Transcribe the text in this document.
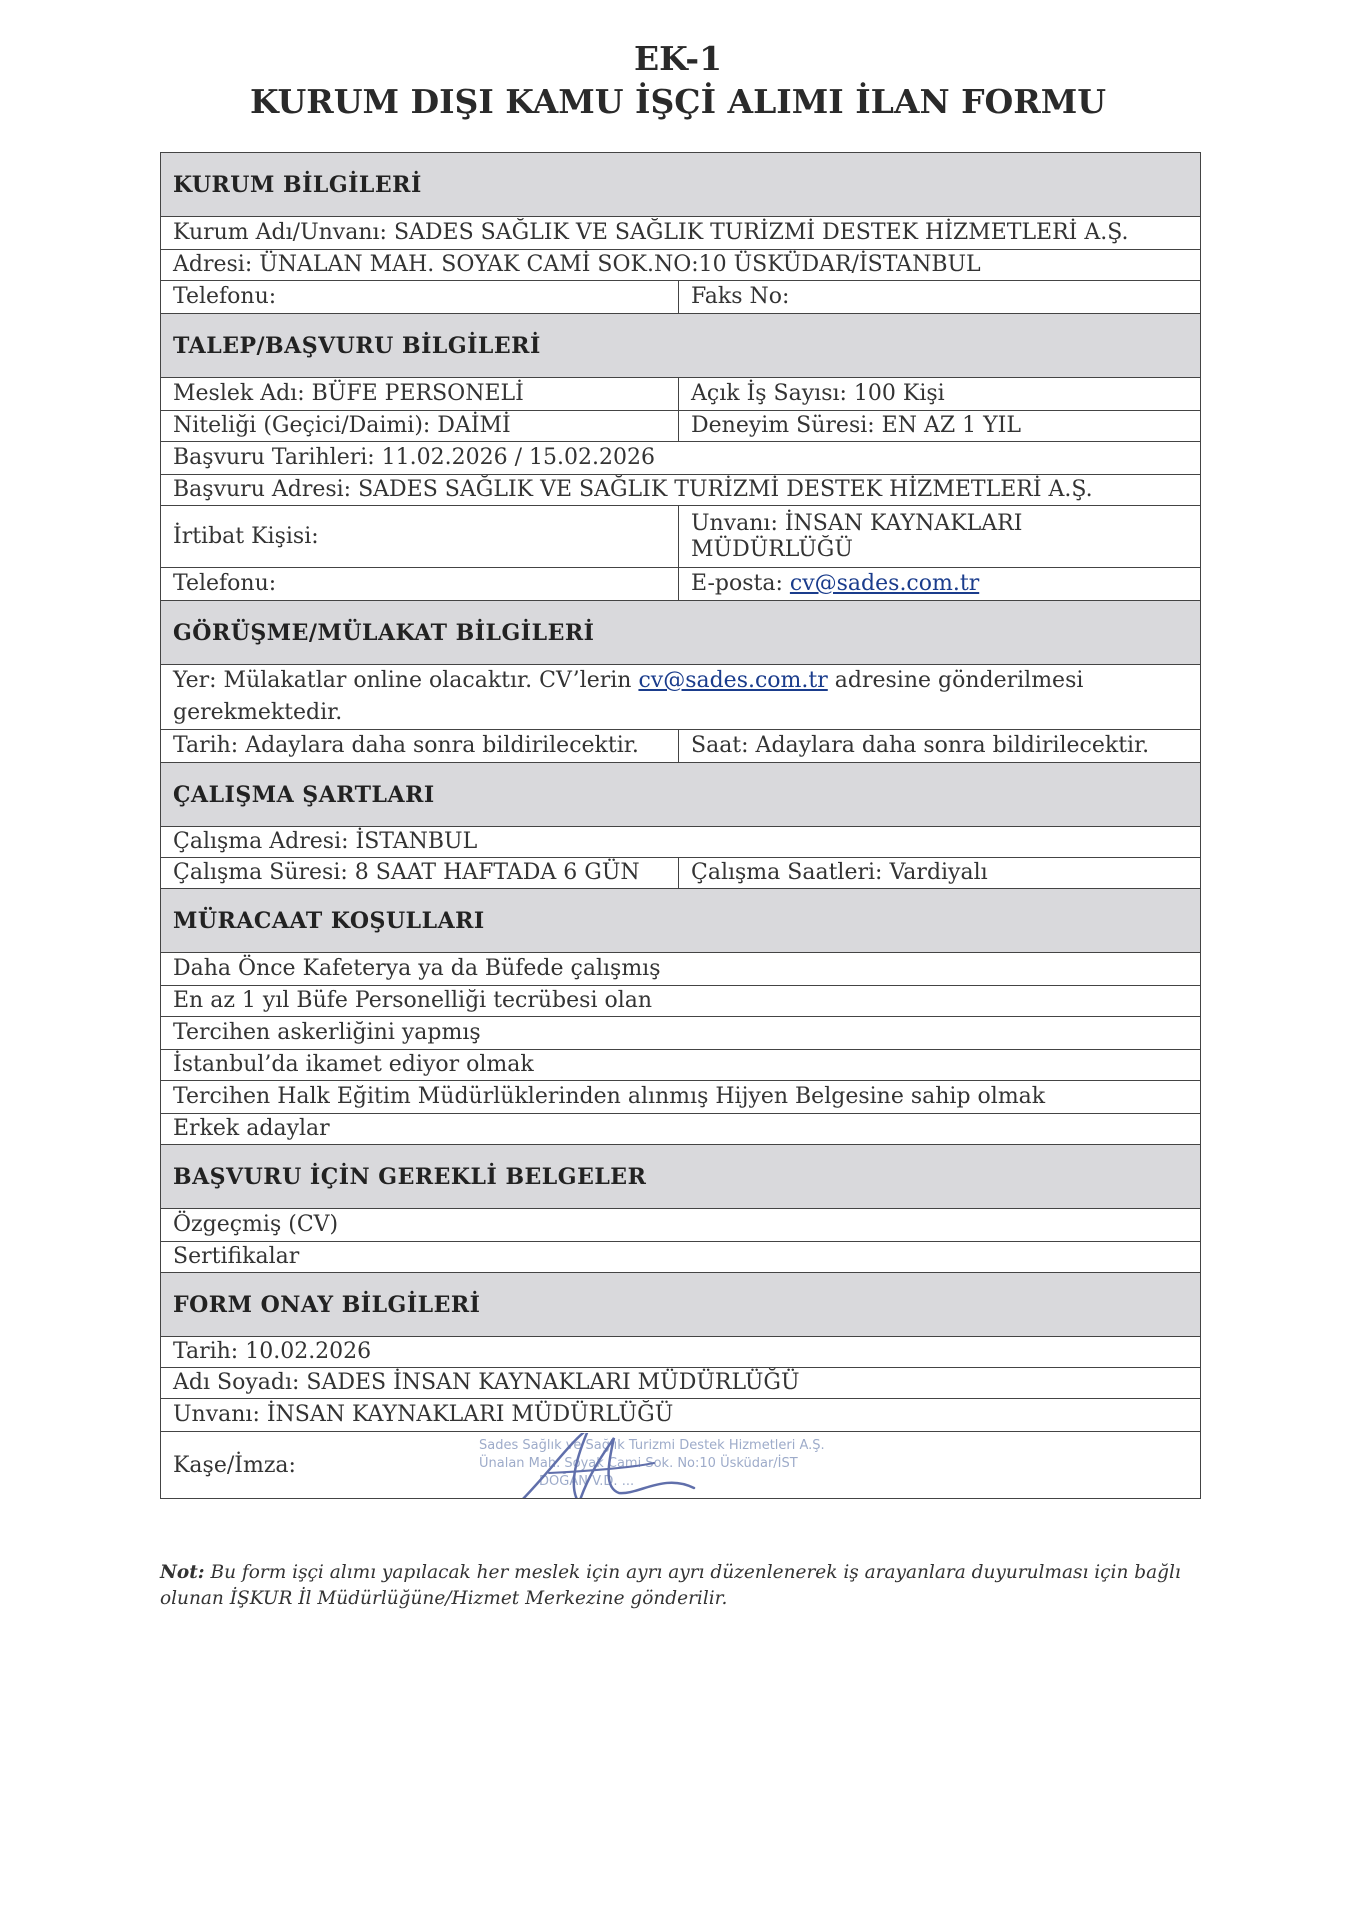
EK-1
KURUM DIŞI KAMU İŞÇİ ALIMI İLAN FORMU
KURUM BİLGİLERİ	
Kurum Adı/Unvanı: SADES SAĞLIK VE SAĞLIK TURİZMİ DESTEK HİZMETLERİ A.Ş.	
Adresi: ÜNALAN MAH. SOYAK CAMİ SOK.NO:10 ÜSKÜDAR/İSTANBUL	
Telefonu:	Faks No:
TALEP/BAŞVURU BİLGİLERİ	
Meslek Adı: BÜFE PERSONELİ	Açık İş Sayısı: 100 Kişi
Niteliği (Geçici/Daimi): DAİMİ	Deneyim Süresi: EN AZ 1 YIL
Başvuru Tarihleri: 11.02.2026 / 15.02.2026	
Başvuru Adresi: SADES SAĞLIK VE SAĞLIK TURİZMİ DESTEK HİZMETLERİ A.Ş.	
İrtibat Kişisi:	Unvanı: İNSAN KAYNAKLARI MÜDÜRLÜĞÜ
Telefonu:	E-posta: cv@sades.com.tr
GÖRÜŞME/MÜLAKAT BİLGİLERİ	
Yer: Mülakatlar online olacaktır. CV’lerin cv@sades.com.tr adresine gönderilmesi gerekmektedir.	
Tarih: Adaylara daha sonra bildirilecektir.	Saat: Adaylara daha sonra bildirilecektir.
ÇALIŞMA ŞARTLARI	
Çalışma Adresi: İSTANBUL	
Çalışma Süresi: 8 SAAT HAFTADA 6 GÜN	Çalışma Saatleri: Vardiyalı
MÜRACAAT KOŞULLARI	
Daha Önce Kafeterya ya da Büfede çalışmış	
En az 1 yıl Büfe Personelliği tecrübesi olan	
Tercihen askerliğini yapmış	
İstanbul’da ikamet ediyor olmak	
Tercihen Halk Eğitim Müdürlüklerinden alınmış Hijyen Belgesine sahip olmak	
Erkek adaylar	
BAŞVURU İÇİN GEREKLİ BELGELER	
Özgeçmiş (CV)	
Sertifikalar	
FORM ONAY BİLGİLERİ	
Tarih: 10.02.2026	
Adı Soyadı: SADES İNSAN KAYNAKLARI MÜDÜRLÜĞÜ	
Unvanı: İNSAN KAYNAKLARI MÜDÜRLÜĞÜ	

Kaşe/İmza:
Sades Sağlık ve Sağlık Turizmi Destek Hizmetleri A.Ş.
Ünalan Mah. Soyak Cami Sok. No:10 Üsküdar/İST
DOĞAN V.D. ...	
Not: Bu form işçi alımı yapılacak her meslek için ayrı ayrı düzenlenerek iş arayanlara duyurulması için bağlı olunan İŞKUR İl Müdürlüğüne/Hizmet Merkezine gönderilir.
